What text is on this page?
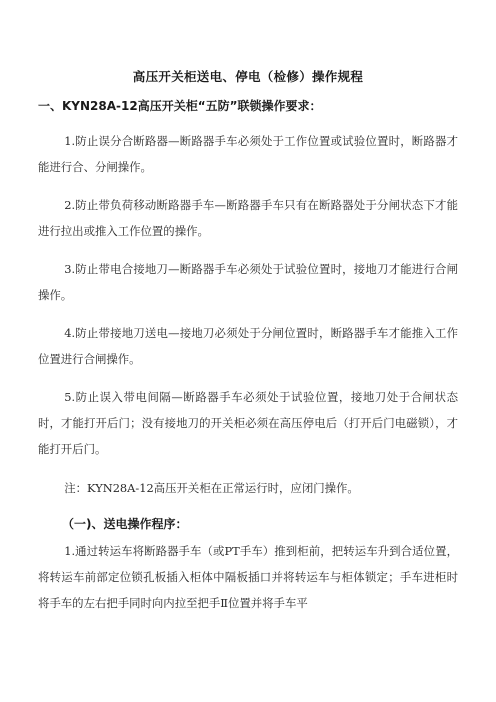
高压开关柜送电、停电（检修）操作规程
一、KYN28A-12高压开关柜“五防”联锁操作要求：
1.防止误分合断路器—断路器手车必须处于工作位置或试验位置时，断路器才能进行合、分闸操作。
2.防止带负荷移动断路器手车—断路器手车只有在断路器处于分闸状态下才能进行拉出或推入工作位置的操作。
3.防止带电合接地刀—断路器手车必须处于试验位置时，接地刀才能进行合闸操作。
4.防止带接地刀送电—接地刀必须处于分闸位置时，断路器手车才能推入工作位置进行合闸操作。
5.防止误入带电间隔—断路器手车必须处于试验位置，接地刀处于合闸状态时，才能打开后门；没有接地刀的开关柜必须在高压停电后（打开后门电磁锁），才能打开后门。
注：KYN28A-12高压开关柜在正常运行时，应闭门操作。
（一)、送电操作程序：
1.通过转运车将断路器手车（或PT手车）推到柜前，把转运车升到合适位置，将转运车前部定位锁孔板插入柜体中隔板插口并将转运车与柜体锁定；手车进柜时将手车的左右把手同时向内拉至把手Ⅱ位置并将手车平
